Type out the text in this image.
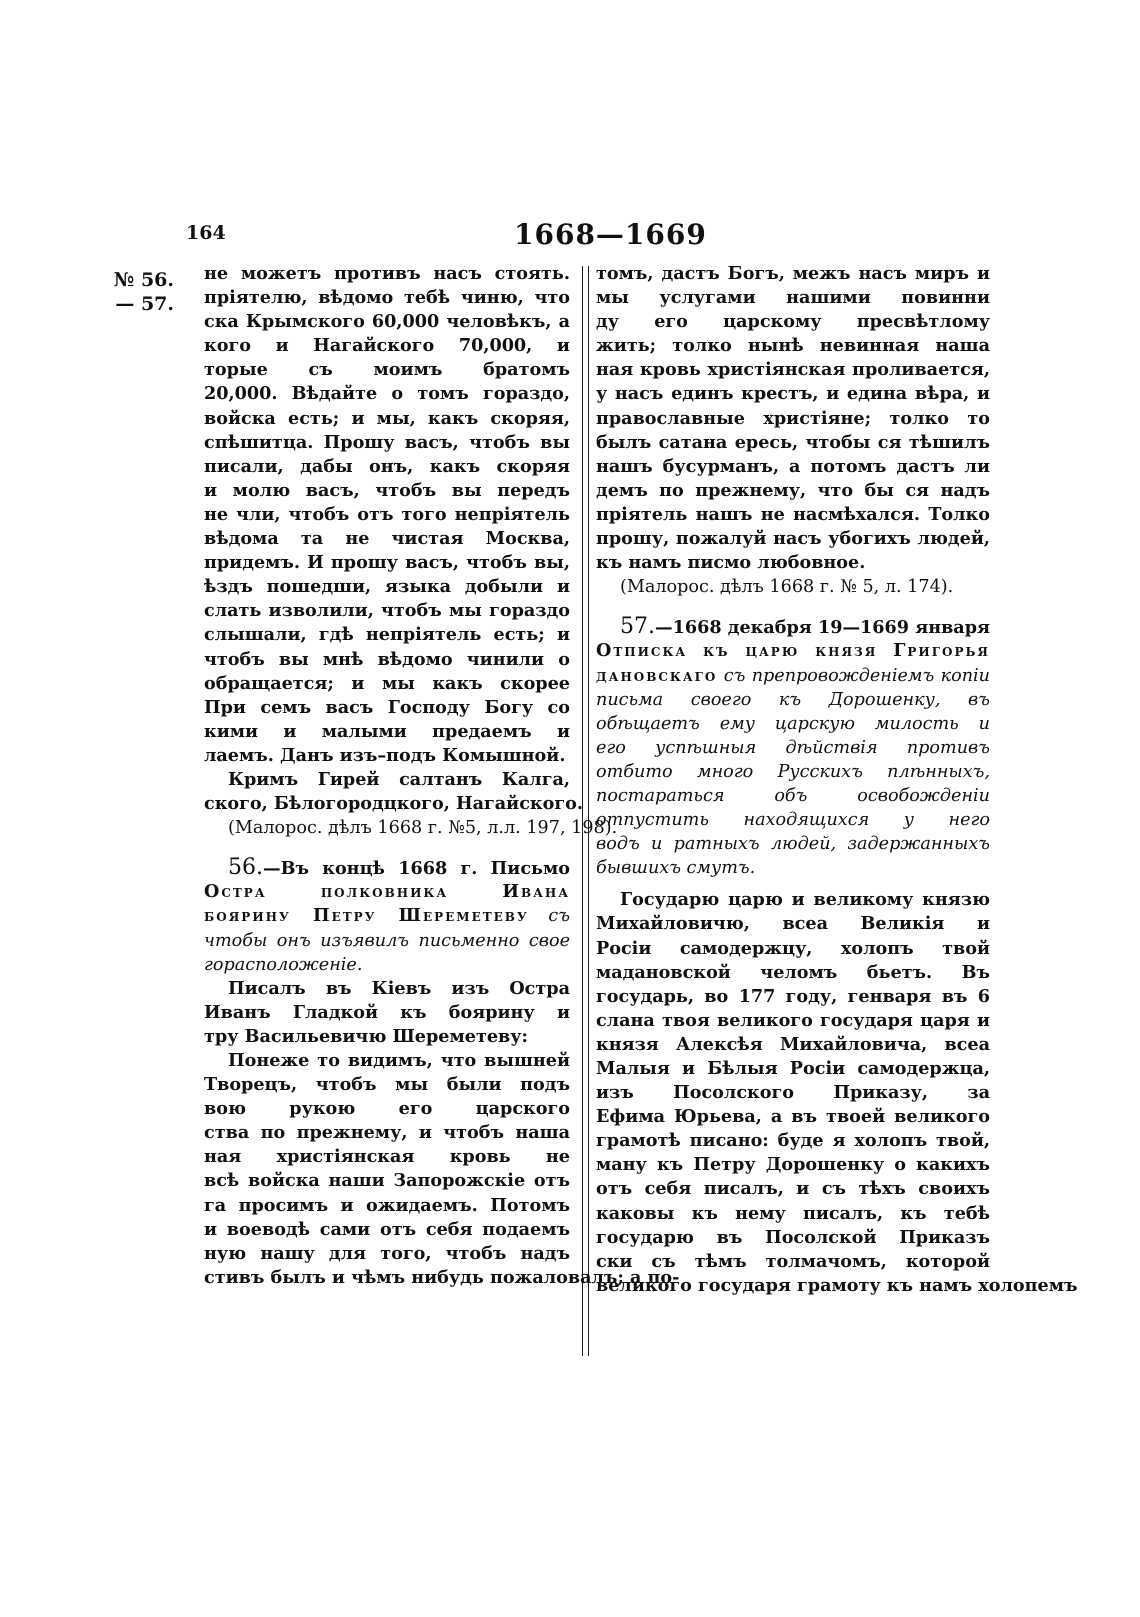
164	1668—1669
№ 56.
— 57.
не можетъ противъ насъ стоять.
пріятелю, вѣдомо тебѣ чиню, что
ска Крымского 60,000 человѣкъ, а
кого и Нагайского 70,000, и
торые съ моимъ братомъ
20,000. Вѣдайте о томъ гораздо,
войска есть; и мы, какъ скоряя,
спѣшитца. Прошу васъ, чтобъ вы
писали, дабы онъ, какъ скоряя
и молю васъ, чтобъ вы передъ
не чли, чтобъ отъ того непріятель
вѣдома та не чистая Москва,
придемъ. И прошу васъ, чтобъ вы,
ѣздъ пошедши, языка добыли и
слать изволили, чтобъ мы гораздо
слышали, гдѣ непріятель есть; и
чтобъ вы мнѣ вѣдомо чинили о
обращается; и мы какъ скорее
При семъ васъ Господу Богу со
кими и малыми предаемъ и
лаемъ. Данъ изъ–подъ Комышной.
Кримъ Гирей салтанъ Калга,
ского, Бѣлогородцкого, Нагайского.
(Малорос. дѣлъ 1668 г. №5, л.л. 197, 198).
56.—Въ концѣ 1668 г. Письмо
Остра полковника Ивана
боярину Петру Шереметеву съ
чтобы онъ изъявилъ письменно свое
горасположеніе.
Писалъ въ Кіевъ изъ Остра
Иванъ Гладкой къ боярину и
тру Васильевичю Шереметеву:
Понеже то видимъ, что вышней
Творецъ, чтобъ мы были подъ
вою рукою его царского
ства по прежнему, и чтобъ наша
ная христіянская кровь не
всѣ войска наши Запорожскіе отъ
га просимъ и ожидаемъ. Потомъ
и воеводѣ сами отъ себя подаемъ
ную нашу для того, чтобъ надъ
стивъ былъ и чѣмъ нибудь пожаловалъ; а по-
томъ, дастъ Богъ, межъ насъ миръ и
мы услугами нашими повинни
ду его царскому пресвѣтлому
жить; толко нынѣ невинная наша
ная кровь христіянская проливается,
у насъ единъ крестъ, и едина вѣра, и
православные христіяне; толко то
былъ сатана ересь, чтобы ся тѣшилъ
нашъ бусурманъ, а потомъ дастъ ли
демъ по прежнему, что бы ся надъ
пріятель нашъ не насмѣхался. Толко
прошу, пожалуй насъ убогихъ людей,
къ намъ писмо любовное.
(Малорос. дѣлъ 1668 г. № 5, л. 174).
57.—1668 декабря 19—1669 января
Отписка къ царю князя Григорья
дановскаго съ препровожденіемъ копіи
письма своего къ Дорошенку, въ
обѣщаетъ ему царскую милость и
его успѣшныя дѣйствія противъ
отбито много Русскихъ плѣнныхъ,
постараться объ освобожденіи
отпустить находящихся у него
водъ и ратныхъ людей, задержанныхъ
бывшихъ смутъ.
Государю царю и великому князю
Михайловичю, всеа Великія и
Росіи самодержцу, холопъ твой
мадановской челомъ бьетъ. Въ
государь, во 177 году, генваря въ 6
слана твоя великого государя царя и
князя Алексѣя Михайловича, всеа
Малыя и Бѣлыя Росіи самодержца,
изъ Посолского Приказу, за
Ефима Юрьева, а въ твоей великого
грамотѣ писано: буде я холопъ твой,
ману къ Петру Дорошенку о какихъ
отъ себя писалъ, и съ тѣхъ своихъ
каковы къ нему писалъ, къ тебѣ
государю въ Посолской Приказъ
ски съ тѣмъ толмачомъ, которой
великого государя грамоту къ намъ холопемъ
